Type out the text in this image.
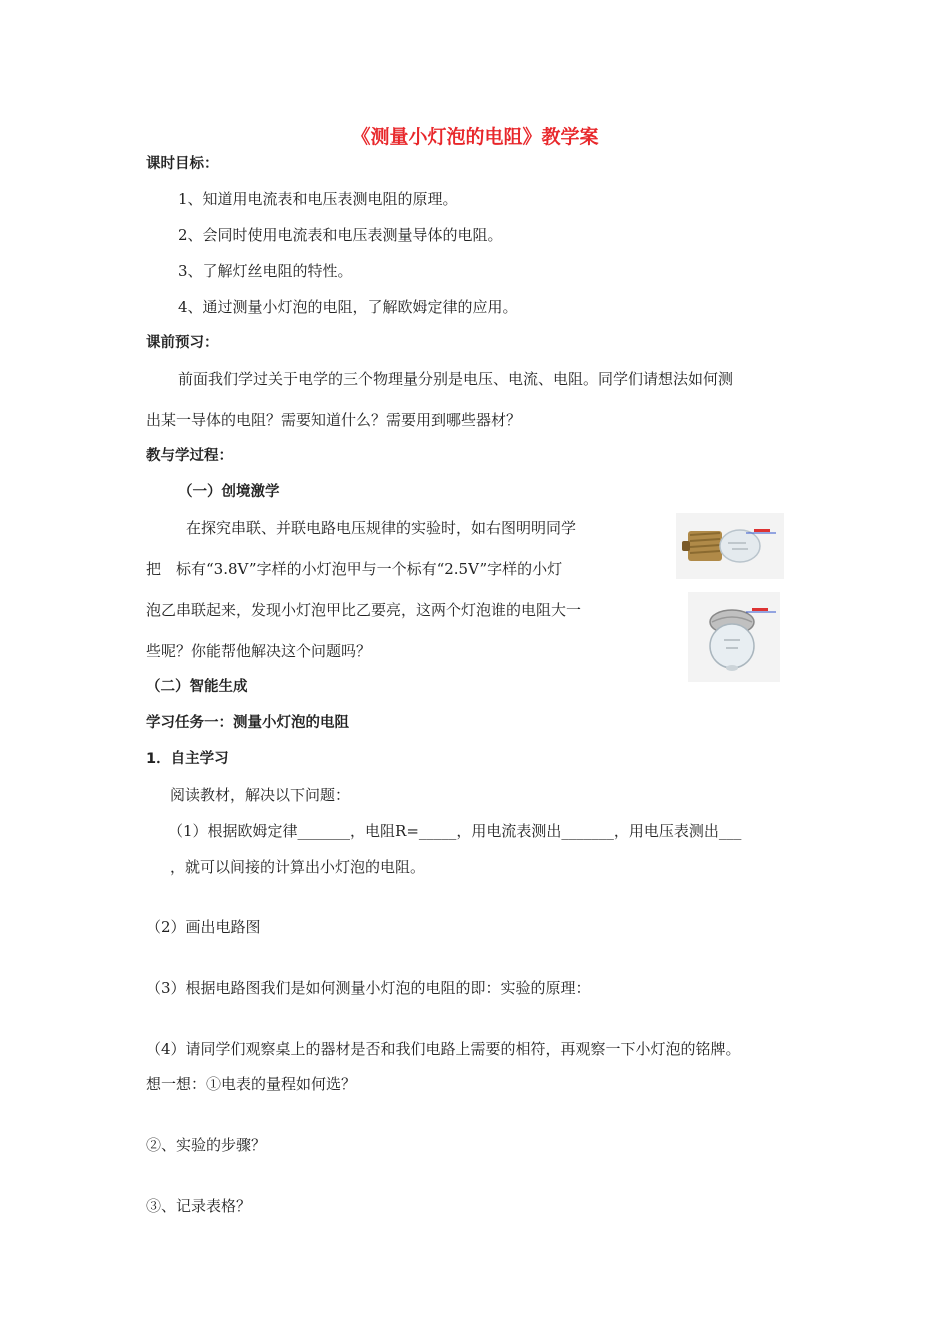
《测量小灯泡的电阻》教学案
课时目标：
1、知道用电流表和电压表测电阻的原理。
2、会同时使用电流表和电压表测量导体的电阻。
3、了解灯丝电阻的特性。
4、通过测量小灯泡的电阻，了解欧姆定律的应用。
课前预习：
前面我们学过关于电学的三个物理量分别是电压、电流、电阻。同学们请想法如何测
出某一导体的电阻？需要知道什么？需要用到哪些器材？
教与学过程：
（一）创境激学
在探究串联、并联电路电压规律的实验时，如右图明明同学
把　标有“3.8V”字样的小灯泡甲与一个标有“2.5V”字样的小灯
泡乙串联起来，发现小灯泡甲比乙要亮，这两个灯泡谁的电阻大一
些呢？你能帮他解决这个问题吗？
（二）智能生成
学习任务一：测量小灯泡的电阻
1．自主学习
阅读教材，解决以下问题：
（1）根据欧姆定律_______，电阻R=_____，用电流表测出_______，用电压表测出___
，就可以间接的计算出小灯泡的电阻。
（2）画出电路图
（3）根据电路图我们是如何测量小灯泡的电阻的即：实验的原理：
（4）请同学们观察桌上的器材是否和我们电路上需要的相符，再观察一下小灯泡的铭牌。
想一想：①电表的量程如何选？
②、实验的步骤？
③、记录表格？
